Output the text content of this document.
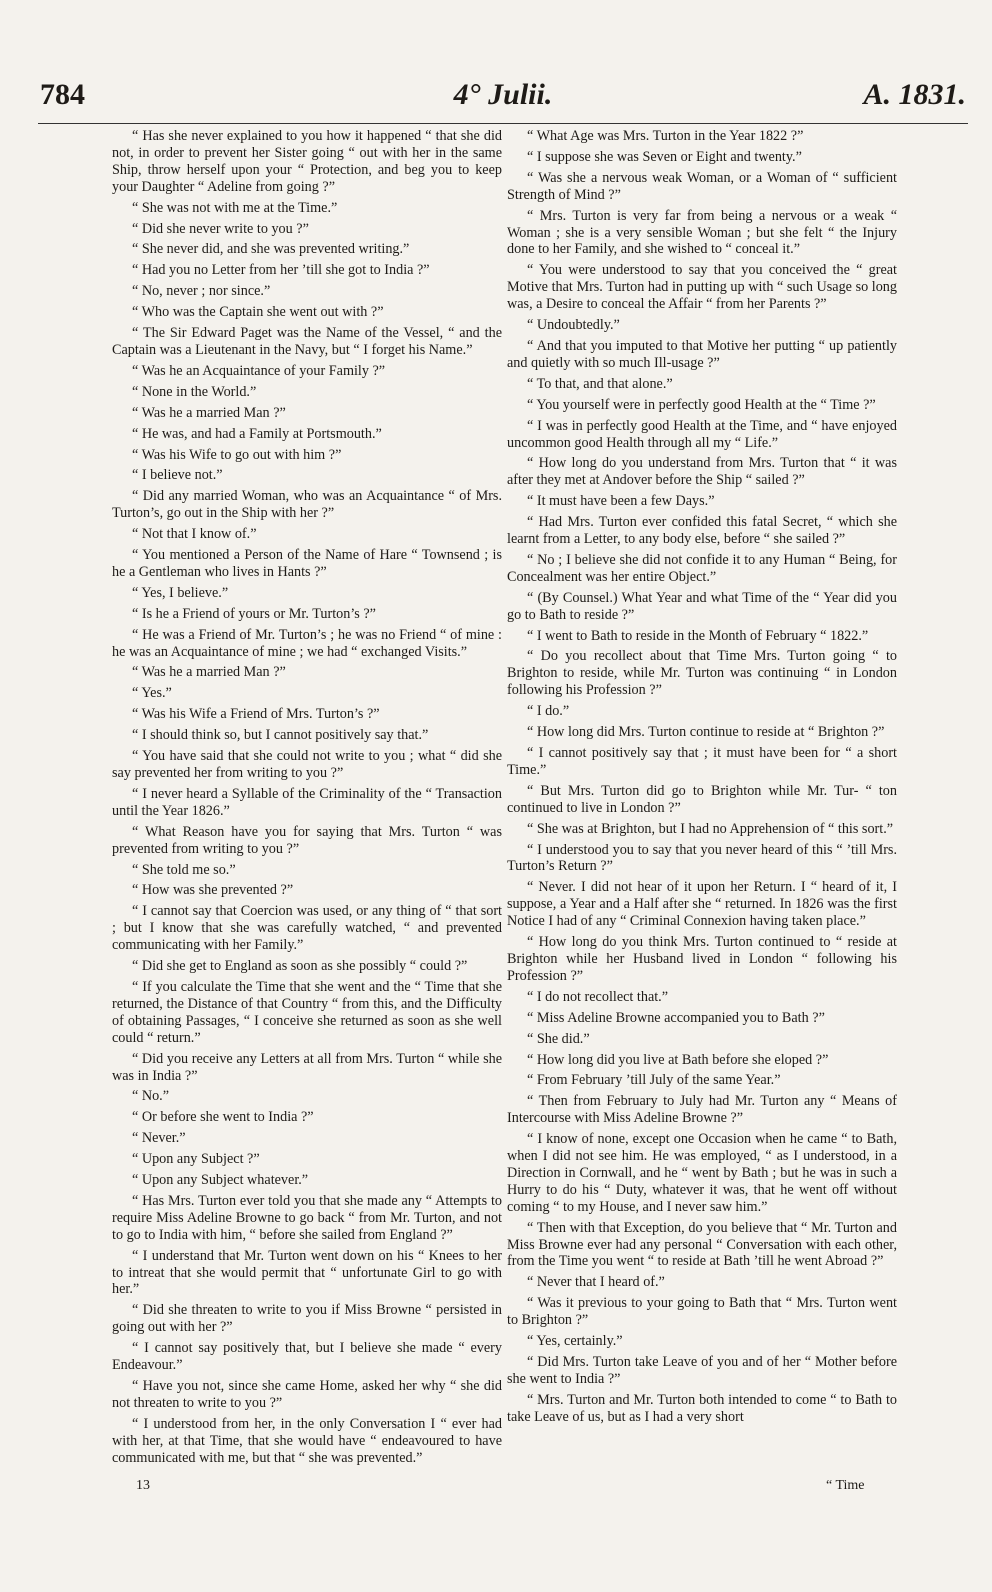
784	4° Julii.	A. 1831.

“ Has she never explained to you how it happened “ that she did not, in order to prevent her Sister going “ out with her in the same Ship, throw herself upon your “ Protection, and beg you to keep your Daughter “ Adeline from going ?”

“ She was not with me at the Time.”

“ Did she never write to you ?”

“ She never did, and she was prevented writing.”

“ Had you no Letter from her ’till she got to India ?”

“ No, never ; nor since.”

“ Who was the Captain she went out with ?”

“ The Sir Edward Paget was the Name of the Vessel, “ and the Captain was a Lieutenant in the Navy, but “ I forget his Name.”

“ Was he an Acquaintance of your Family ?”

“ None in the World.”

“ Was he a married Man ?”

“ He was, and had a Family at Portsmouth.”

“ Was his Wife to go out with him ?”

“ I believe not.”

“ Did any married Woman, who was an Acquaintance “ of Mrs. Turton’s, go out in the Ship with her ?”

“ Not that I know of.”

“ You mentioned a Person of the Name of Hare “ Townsend ; is he a Gentleman who lives in Hants ?”

“ Yes, I believe.”

“ Is he a Friend of yours or Mr. Turton’s ?”

“ He was a Friend of Mr. Turton’s ; he was no Friend “ of mine : he was an Acquaintance of mine ; we had “ exchanged Visits.”

“ Was he a married Man ?”

“ Yes.”

“ Was his Wife a Friend of Mrs. Turton’s ?”

“ I should think so, but I cannot positively say that.”

“ You have said that she could not write to you ; what “ did she say prevented her from writing to you ?”

“ I never heard a Syllable of the Criminality of the “ Transaction until the Year 1826.”

“ What Reason have you for saying that Mrs. Turton “ was prevented from writing to you ?”

“ She told me so.”

“ How was she prevented ?”

“ I cannot say that Coercion was used, or any thing of “ that sort ; but I know that she was carefully watched, “ and prevented communicating with her Family.”

“ Did she get to England as soon as she possibly “ could ?”

“ If you calculate the Time that she went and the “ Time that she returned, the Distance of that Country “ from this, and the Difficulty of obtaining Passages, “ I conceive she returned as soon as she well could “ return.”

“ Did you receive any Letters at all from Mrs. Turton “ while she was in India ?”

“ No.”

“ Or before she went to India ?”

“ Never.”

“ Upon any Subject ?”

“ Upon any Subject whatever.”

“ Has Mrs. Turton ever told you that she made any “ Attempts to require Miss Adeline Browne to go back “ from Mr. Turton, and not to go to India with him, “ before she sailed from England ?”

“ I understand that Mr. Turton went down on his “ Knees to her to intreat that she would permit that “ unfortunate Girl to go with her.”

“ Did she threaten to write to you if Miss Browne “ persisted in going out with her ?”

“ I cannot say positively that, but I believe she made “ every Endeavour.”

“ Have you not, since she came Home, asked her why “ she did not threaten to write to you ?”

“ I understood from her, in the only Conversation I “ ever had with her, at that Time, that she would have “ endeavoured to have communicated with me, but that “ she was prevented.”

“ What Age was Mrs. Turton in the Year 1822 ?”

“ I suppose she was Seven or Eight and twenty.”

“ Was she a nervous weak Woman, or a Woman of “ sufficient Strength of Mind ?”

“ Mrs. Turton is very far from being a nervous or a weak “ Woman ; she is a very sensible Woman ; but she felt “ the Injury done to her Family, and she wished to “ conceal it.”

“ You were understood to say that you conceived the “ great Motive that Mrs. Turton had in putting up with “ such Usage so long was, a Desire to conceal the Affair “ from her Parents ?”

“ Undoubtedly.”

“ And that you imputed to that Motive her putting “ up patiently and quietly with so much Ill-usage ?”

“ To that, and that alone.”

“ You yourself were in perfectly good Health at the “ Time ?”

“ I was in perfectly good Health at the Time, and “ have enjoyed uncommon good Health through all my “ Life.”

“ How long do you understand from Mrs. Turton that “ it was after they met at Andover before the Ship “ sailed ?”

“ It must have been a few Days.”

“ Had Mrs. Turton ever confided this fatal Secret, “ which she learnt from a Letter, to any body else, before “ she sailed ?”

“ No ; I believe she did not confide it to any Human “ Being, for Concealment was her entire Object.”

“ (By Counsel.) What Year and what Time of the “ Year did you go to Bath to reside ?”

“ I went to Bath to reside in the Month of February “ 1822.”

“ Do you recollect about that Time Mrs. Turton going “ to Brighton to reside, while Mr. Turton was continuing “ in London following his Profession ?”

“ I do.”

“ How long did Mrs. Turton continue to reside at “ Brighton ?”

“ I cannot positively say that ; it must have been for “ a short Time.”

“ But Mrs. Turton did go to Brighton while Mr. Tur- “ ton continued to live in London ?”

“ She was at Brighton, but I had no Apprehension of “ this sort.”

“ I understood you to say that you never heard of this “ ’till Mrs. Turton’s Return ?”

“ Never. I did not hear of it upon her Return. I “ heard of it, I suppose, a Year and a Half after she “ returned. In 1826 was the first Notice I had of any “ Criminal Connexion having taken place.”

“ How long do you think Mrs. Turton continued to “ reside at Brighton while her Husband lived in London “ following his Profession ?”

“ I do not recollect that.”

“ Miss Adeline Browne accompanied you to Bath ?”

“ She did.”

“ How long did you live at Bath before she eloped ?”

“ From February ’till July of the same Year.”

“ Then from February to July had Mr. Turton any “ Means of Intercourse with Miss Adeline Browne ?”

“ I know of none, except one Occasion when he came “ to Bath, when I did not see him. He was employed, “ as I understood, in a Direction in Cornwall, and he “ went by Bath ; but he was in such a Hurry to do his “ Duty, whatever it was, that he went off without coming “ to my House, and I never saw him.”

“ Then with that Exception, do you believe that “ Mr. Turton and Miss Browne ever had any personal “ Conversation with each other, from the Time you went “ to reside at Bath ’till he went Abroad ?”

“ Never that I heard of.”

“ Was it previous to your going to Bath that “ Mrs. Turton went to Brighton ?”

“ Yes, certainly.”

“ Did Mrs. Turton take Leave of you and of her “ Mother before she went to India ?”

“ Mrs. Turton and Mr. Turton both intended to come “ to Bath to take Leave of us, but as I had a very short

13	“ Time
